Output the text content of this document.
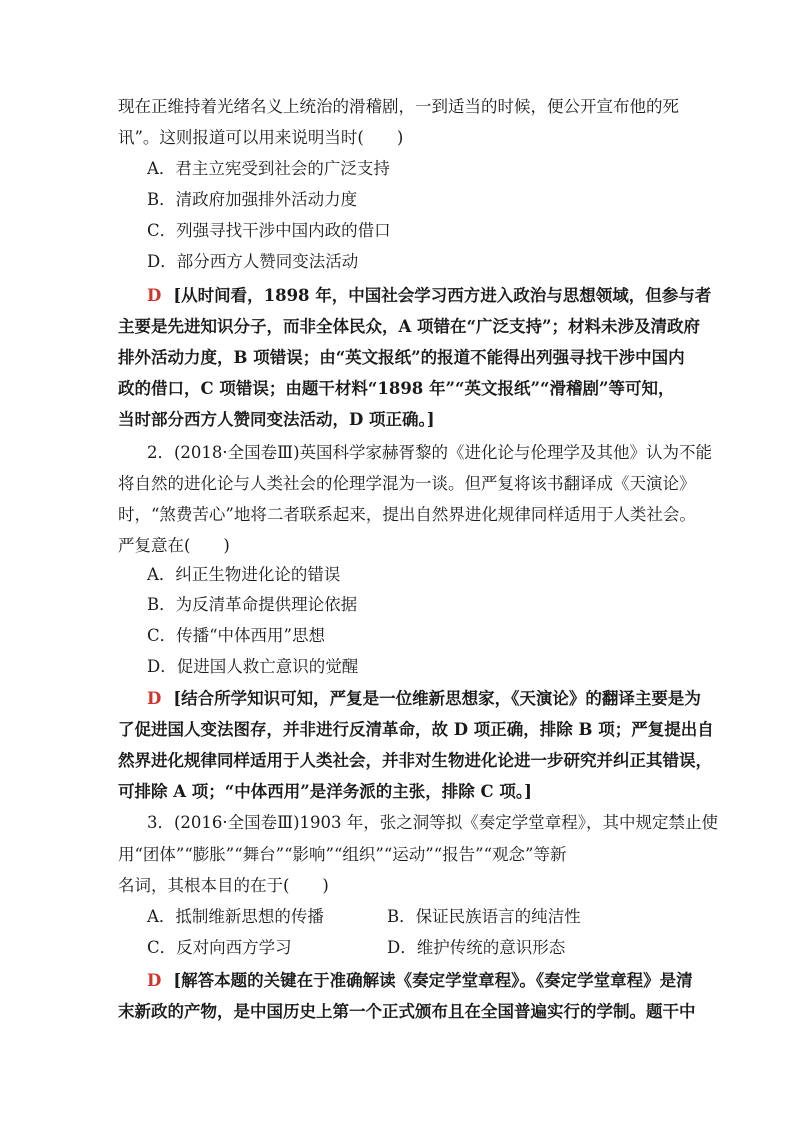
现在正维持着光绪名义上统治的滑稽剧，一到适当的时候，便公开宣布他的死
讯”。这则报道可以用来说明当时(　　)
A．君主立宪受到社会的广泛支持
B．清政府加强排外活动力度
C．列强寻找干涉中国内政的借口
D．部分西方人赞同变法活动
D [从时间看，1898 年，中国社会学习西方进入政治与思想领域，但参与者
主要是先进知识分子，而非全体民众，A 项错在“广泛支持”；材料未涉及清政府
排外活动力度，B 项错误；由“英文报纸”的报道不能得出列强寻找干涉中国内
政的借口，C 项错误；由题干材料“1898 年”“英文报纸”“滑稽剧”等可知，
当时部分西方人赞同变法活动，D 项正确。]
2．(2018·全国卷Ⅲ)英国科学家赫胥黎的《进化论与伦理学及其他》认为不能
将自然的进化论与人类社会的伦理学混为一谈。但严复将该书翻译成《天演论》
时，“煞费苦心”地将二者联系起来，提出自然界进化规律同样适用于人类社会。
严复意在(　　)
A．纠正生物进化论的错误
B．为反清革命提供理论依据
C．传播“中体西用”思想
D．促进国人救亡意识的觉醒
D [结合所学知识可知，严复是一位维新思想家，《天演论》的翻译主要是为
了促进国人变法图存，并非进行反清革命，故 D 项正确，排除 B 项；严复提出自
然界进化规律同样适用于人类社会，并非对生物进化论进一步研究并纠正其错误，
可排除 A 项；“中体西用”是洋务派的主张，排除 C 项。]
3．(2016·全国卷Ⅲ)1903 年，张之洞等拟《奏定学堂章程》，其中规定禁止使
用“团体”“膨胀”“舞台”“影响”“组织”“运动”“报告”“观念”等新
名词，其根本目的在于(　　)
A．抵制维新思想的传播	B．保证民族语言的纯洁性
C．反对向西方学习	D．维护传统的意识形态
D [解答本题的关键在于准确解读《奏定学堂章程》。《奏定学堂章程》是清
末新政的产物，是中国历史上第一个正式颁布且在全国普遍实行的学制。题干中
